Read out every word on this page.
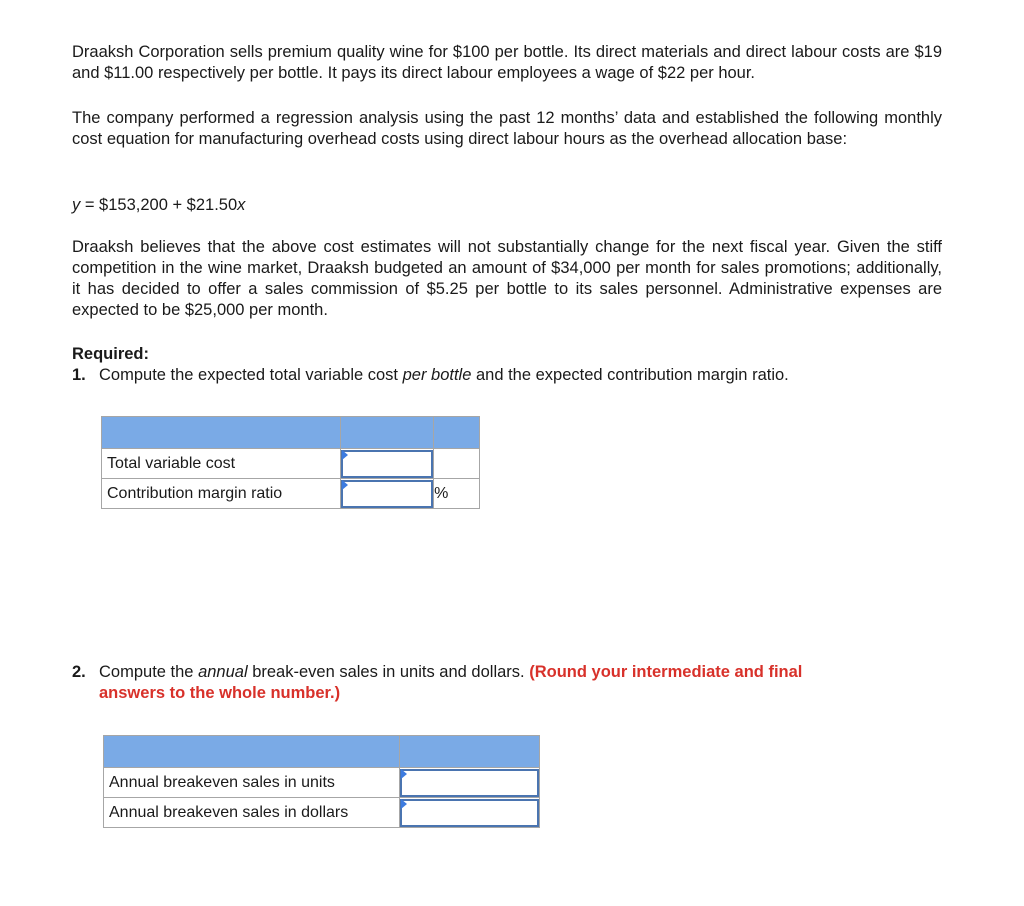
Draaksh Corporation sells premium quality wine for $100 per bottle. Its direct materials and direct labour costs are $19 and $11.00 respectively per bottle. It pays its direct labour employees a wage of $22 per hour.

The company performed a regression analysis using the past 12 months’ data and established the following monthly cost equation for manufacturing overhead costs using direct labour hours as the overhead allocation base:

y = $153,200 + $21.50x

Draaksh believes that the above cost estimates will not substantially change for the next fiscal year. Given the stiff competition in the wine market, Draaksh budgeted an amount of $34,000 per month for sales promotions; additionally, it has decided to offer a sales commission of $5.25 per bottle to its sales personnel. Administrative expenses are expected to be $25,000 per month.

Required:

1. Compute the expected total variable cost per bottle and the expected contribution margin ratio.

Total variable cost	

Contribution margin ratio		%
2. Compute the annual break-even sales in units and dollars. (Round your intermediate and final
answers to the whole number.)

Annual breakeven sales in units	

Annual breakeven sales in dollars	
